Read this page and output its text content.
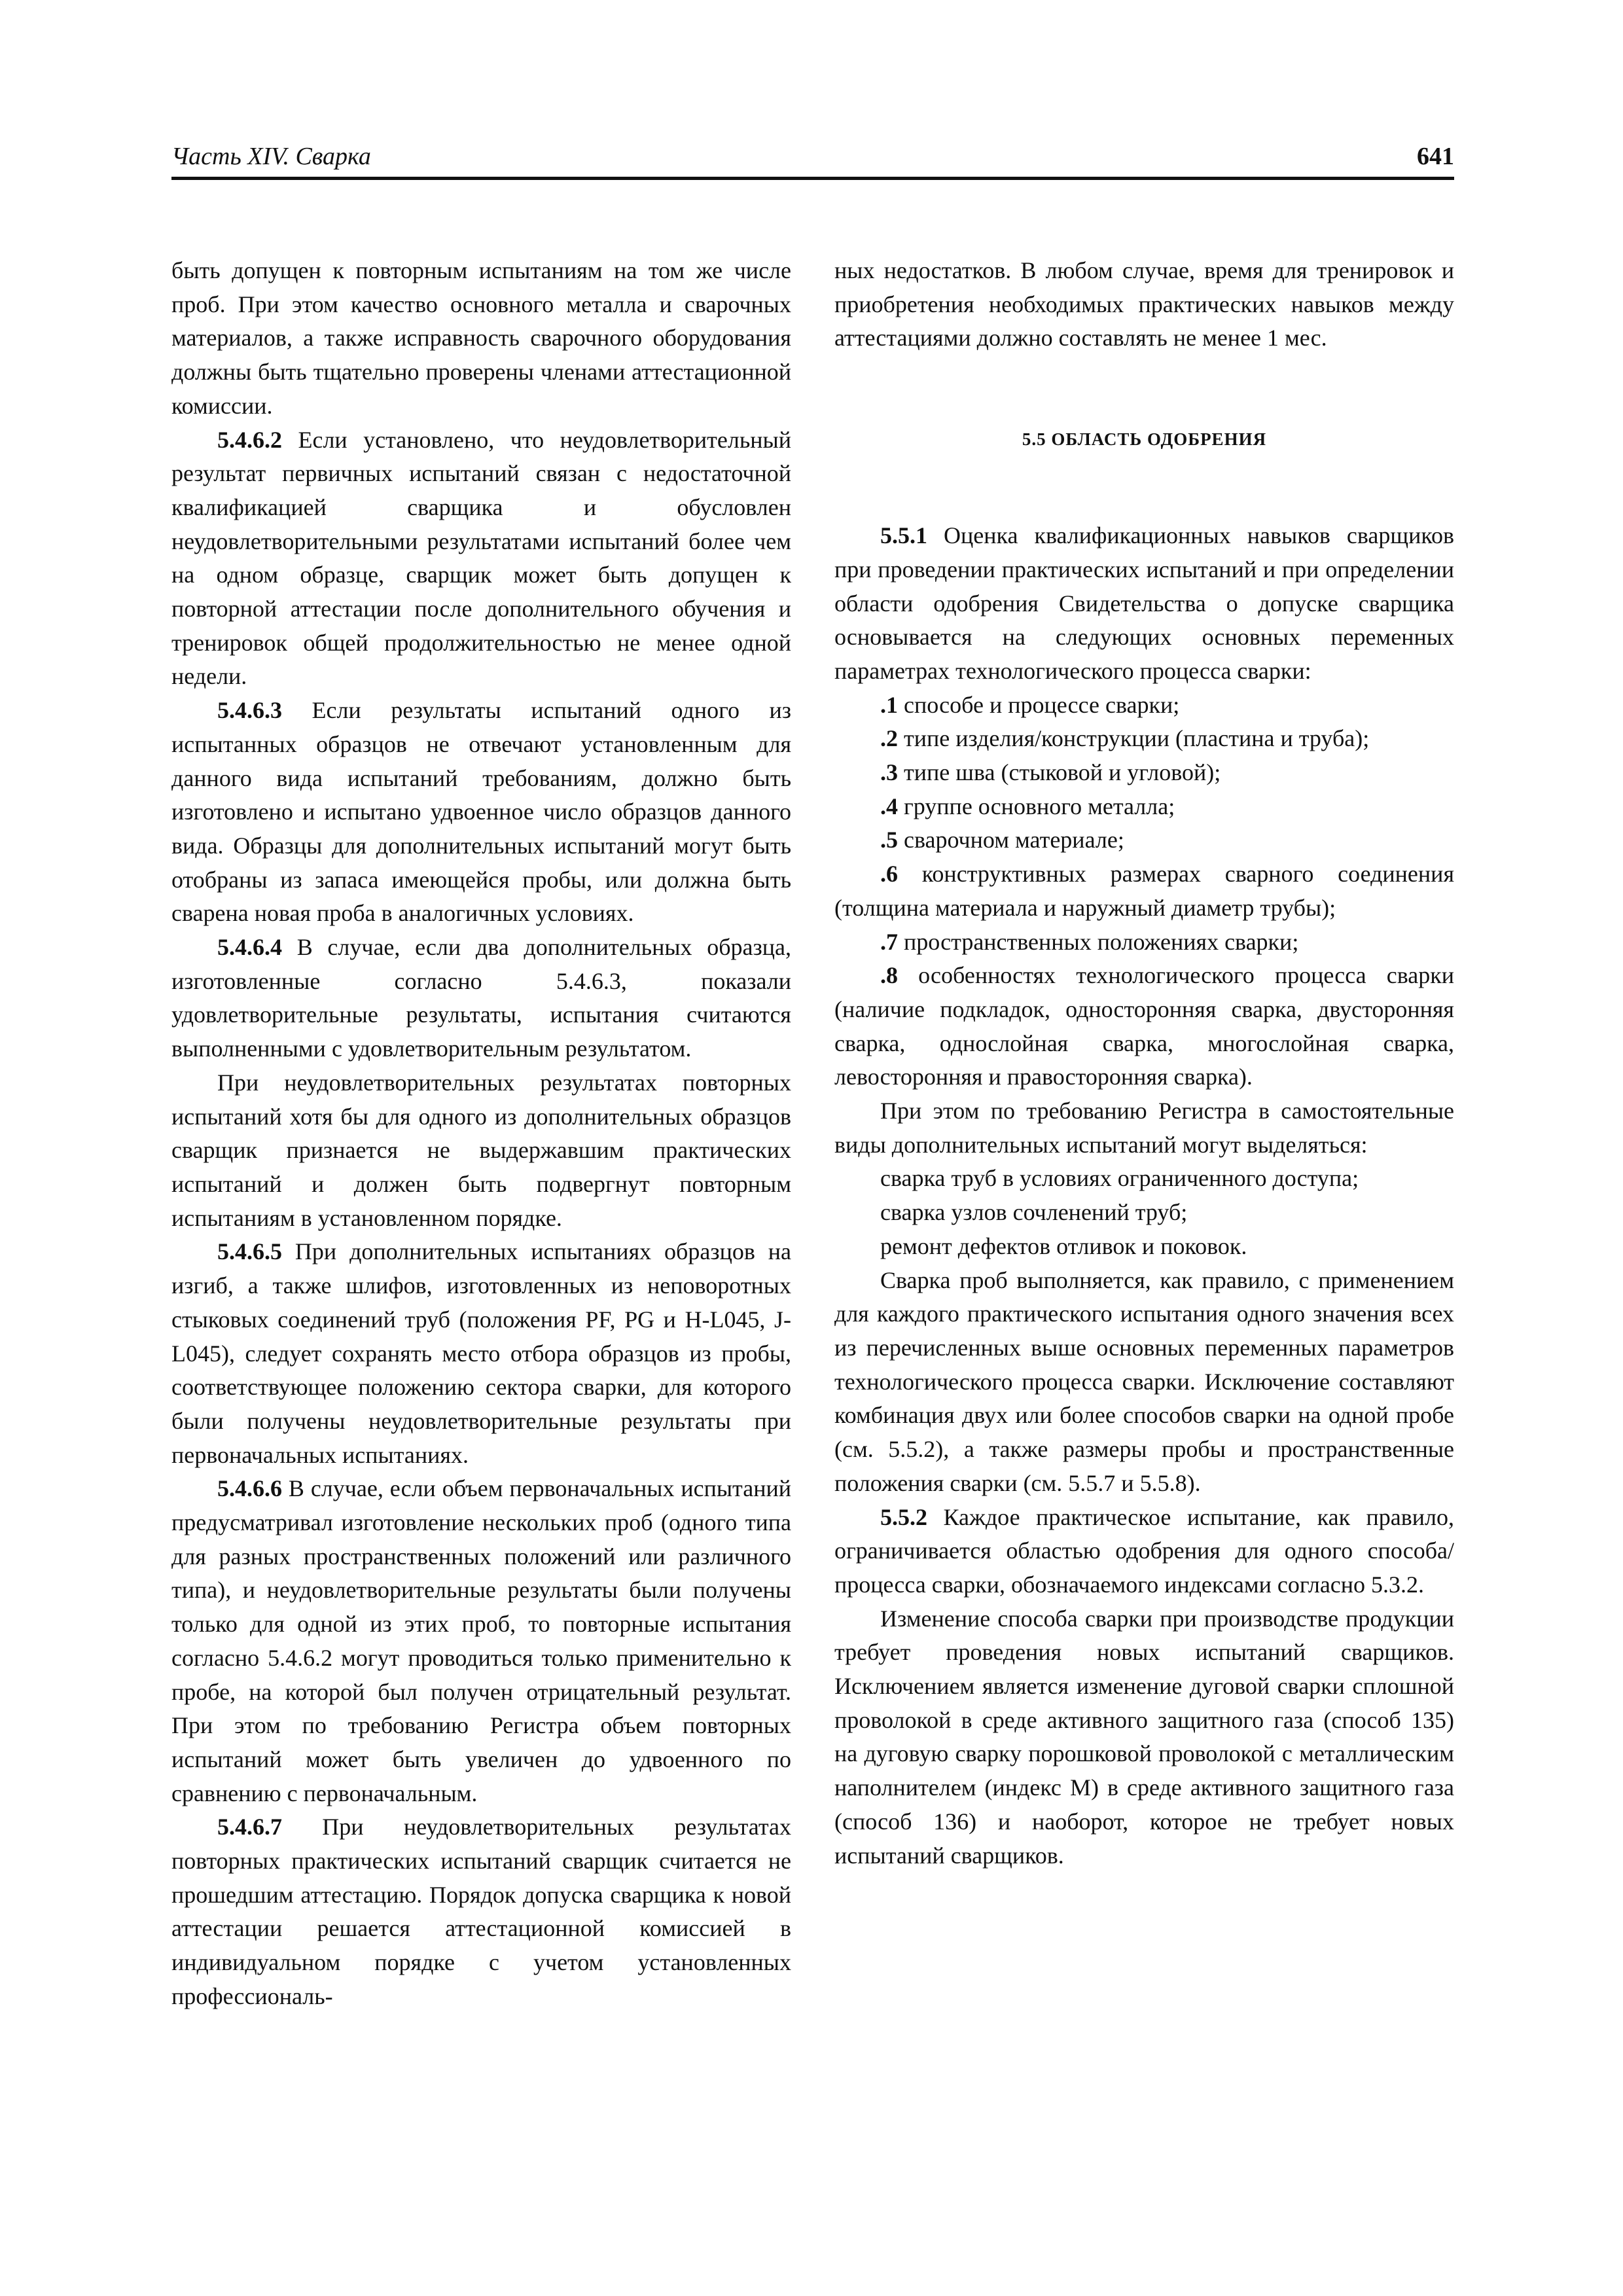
Часть XIV. Сварка	641

быть допущен к повторным испытаниям на том же числе проб. При этом качество основного металла и сварочных материалов, а также исправность сварочного оборудования должны быть тщательно проверены членами аттестационной комиссии.

5.4.6.2 Если установлено, что неудовлетворительный результат первичных испытаний связан с недостаточной квалификацией сварщика и обусловлен неудовлетворительными результатами испытаний более чем на одном образце, сварщик может быть допущен к повторной аттестации после дополнительного обучения и тренировок общей продолжительностью не менее одной недели.

5.4.6.3 Если результаты испытаний одного из испытанных образцов не отвечают установленным для данного вида испытаний требованиям, должно быть изготовлено и испытано удвоенное число образцов данного вида. Образцы для дополнительных испытаний могут быть отобраны из запаса имеющейся пробы, или должна быть сварена новая проба в аналогичных условиях.

5.4.6.4 В случае, если два дополнительных образца, изготовленные согласно 5.4.6.3, показали удовлетворительные результаты, испытания считаются выполненными с удовлетворительным результатом.

При неудовлетворительных результатах повторных испытаний хотя бы для одного из дополнительных образцов сварщик признается не выдержавшим практических испытаний и должен быть подвергнут повторным испытаниям в установленном порядке.

5.4.6.5 При дополнительных испытаниях образцов на изгиб, а также шлифов, изготовленных из неповоротных стыковых соединений труб (положения PF, PG и H-L045, J-L045), следует сохранять место отбора образцов из пробы, соответствующее положению сектора сварки, для которого были получены неудовлетворительные результаты при первоначальных испытаниях.

5.4.6.6 В случае, если объем первоначальных испытаний предусматривал изготовление нескольких проб (одного типа для разных пространственных положений или различного типа), и неудовлетворительные результаты были получены только для одной из этих проб, то повторные испытания согласно 5.4.6.2 могут проводиться только применительно к пробе, на которой был получен отрицательный результат. При этом по требованию Регистра объем повторных испытаний может быть увеличен до удвоенного по сравнению с первоначальным.

5.4.6.7 При неудовлетворительных результатах повторных практических испытаний сварщик считается не прошедшим аттестацию. Порядок допуска сварщика к новой аттестации решается аттестационной комиссией в индивидуальном порядке с учетом установленных профессиональ-

ных недостатков. В любом случае, время для тренировок и приобретения необходимых практических навыков между аттестациями должно составлять не менее 1 мес.

5.5 ОБЛАСТЬ ОДОБРЕНИЯ

5.5.1 Оценка квалификационных навыков сварщиков при проведении практических испытаний и при определении области одобрения Свидетельства о допуске сварщика основывается на следующих основных переменных параметрах технологического процесса сварки:

.1 способе и процессе сварки;

.2 типе изделия/конструкции (пластина и труба);

.3 типе шва (стыковой и угловой);

.4 группе основного металла;

.5 сварочном материале;

.6 конструктивных размерах сварного соединения (толщина материала и наружный диаметр трубы);

.7 пространственных положениях сварки;

.8 особенностях технологического процесса сварки (наличие подкладок, односторонняя сварка, двусторонняя сварка, однослойная сварка, многослойная сварка, левосторонняя и правосторонняя сварка).

При этом по требованию Регистра в самостоятельные виды дополнительных испытаний могут выделяться:

сварка труб в условиях ограниченного доступа;

сварка узлов сочленений труб;

ремонт дефектов отливок и поковок.

Сварка проб выполняется, как правило, с применением для каждого практического испытания одного значения всех из перечисленных выше основных переменных параметров технологического процесса сварки. Исключение составляют комбинация двух или более способов сварки на одной пробе (см. 5.5.2), а также размеры пробы и пространственные положения сварки (см. 5.5.7 и 5.5.8).

5.5.2 Каждое практическое испытание, как правило, ограничивается областью одобрения для одного способа/процесса сварки, обозначаемого индексами согласно 5.3.2.

Изменение способа сварки при производстве продукции требует проведения новых испытаний сварщиков. Исключением является изменение дуговой сварки сплошной проволокой в среде активного защитного газа (способ 135) на дуговую сварку порошковой проволокой с металлическим наполнителем (индекс М) в среде активного защитного газа (способ 136) и наоборот, которое не требует новых испытаний сварщиков.
